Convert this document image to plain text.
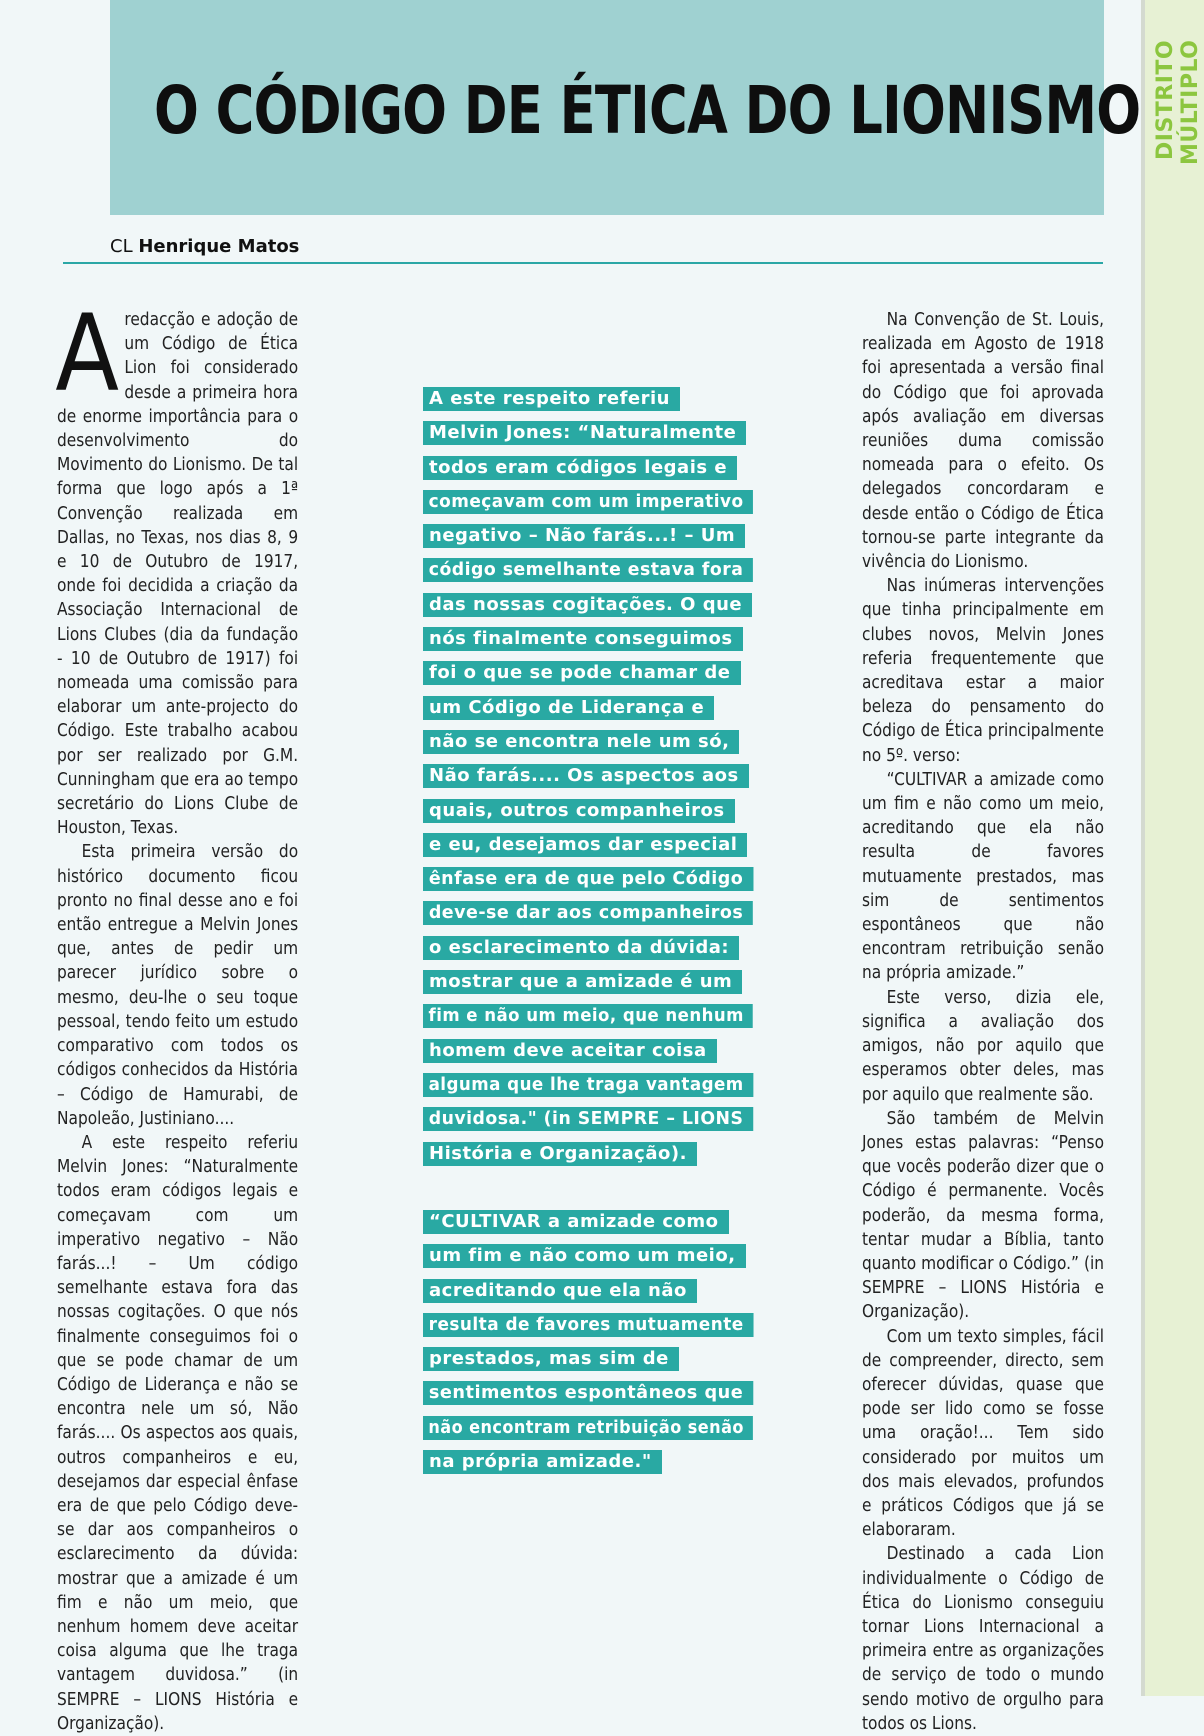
O CÓDIGO DE ÉTICA DO LIONISMO
CL Henrique Matos

Aredacção e adoção de um Código de Ética Lion foi considerado desde a primeira hora de enorme importância para o desenvolvimento do Movimento do Lionismo. De tal forma que logo após a 1ª Convenção realizada em Dallas, no Texas, nos dias 8, 9 e 10 de Outubro de 1917, onde foi decidida a criação da Associação Internacional de Lions Clubes (dia da fundação - 10 de Outubro de 1917) foi nomeada uma comissão para elaborar um ante-projecto do Código. Este trabalho acabou por ser realizado por G.M. Cunningham que era ao tempo secretário do Lions Clube de Houston, Texas.

Esta primeira versão do histórico documento ficou pronto no final desse ano e foi então entregue a Melvin Jones que, antes de pedir um parecer jurídico sobre o mesmo, deu-lhe o seu toque pessoal, tendo feito um estudo comparativo com todos os códigos conhecidos da História – Código de Hamurabi, de Napoleão, Justiniano....

A este respeito referiu Melvin Jones: “Naturalmente todos eram códigos legais e começavam com um imperativo negativo – Não farás...! – Um código semelhante estava fora das nossas cogitações. O que nós finalmente conseguimos foi o que se pode chamar de um Código de Liderança e não se encontra nele um só, Não farás.... Os aspectos aos quais, outros companheiros e eu, desejamos dar especial ênfase era de que pelo Código deve-se dar aos companheiros o esclarecimento da dúvida: mostrar que a amizade é um fim e não um meio, que nenhum homem deve aceitar coisa alguma que lhe traga vantagem duvidosa.” (in SEMPRE – LIONS História e Organização).

A este respeito referiu
Melvin Jones: “Naturalmente
todos eram códigos legais e
começavam com um imperativo
negativo – Não farás...! – Um
código semelhante estava fora
das nossas cogitações. O que
nós finalmente conseguimos
foi o que se pode chamar de
um Código de Liderança e
não se encontra nele um só,
Não farás.... Os aspectos aos
quais, outros companheiros
e eu, desejamos dar especial
ênfase era de que pelo Código
deve-se dar aos companheiros
o esclarecimento da dúvida:
mostrar que a amizade é um
fim e não um meio, que nenhum
homem deve aceitar coisa
alguma que lhe traga vantagem
duvidosa." (in SEMPRE – LIONS
História e Organização).
“CULTIVAR a amizade como
um fim e não como um meio,
acreditando que ela não
resulta de favores mutuamente
prestados, mas sim de
sentimentos espontâneos que
não encontram retribuição senão
na própria amizade."

Na Convenção de St. Louis, realizada em Agosto de 1918 foi apresentada a versão final do Código que foi aprovada após avaliação em diversas reuniões duma comissão nomeada para o efeito. Os delegados concordaram e desde então o Código de Ética tornou-se parte integrante da vivência do Lionismo.

Nas inúmeras intervenções que tinha principalmente em clubes novos, Melvin Jones referia frequentemente que acreditava estar a maior beleza do pensamento do Código de Ética principalmente no 5º. verso:

“CULTIVAR a amizade como um fim e não como um meio, acreditando que ela não resulta de favores mutuamente prestados, mas sim de sentimentos espontâneos que não encontram retribuição senão na própria amizade.”

Este verso, dizia ele, significa a avaliação dos amigos, não por aquilo que esperamos obter deles, mas por aquilo que realmente são.

São também de Melvin Jones estas palavras: “Penso que vocês poderão dizer que o Código é permanente. Vocês poderão, da mesma forma, tentar mudar a Bíblia, tanto quanto modificar o Código.” (in SEMPRE – LIONS História e Organização).

Com um texto simples, fácil de compreender, directo, sem oferecer dúvidas, quase que pode ser lido como se fosse uma oração!... Tem sido considerado por muitos um dos mais elevados, profundos e práticos Códigos que já se elaboraram.

Destinado a cada Lion individualmente o Código de Ética do Lionismo conseguiu tornar Lions Internacional a primeira entre as organizações de serviço de todo o mundo sendo motivo de orgulho para todos os Lions.

DISTRITO MÚLTIPLO
